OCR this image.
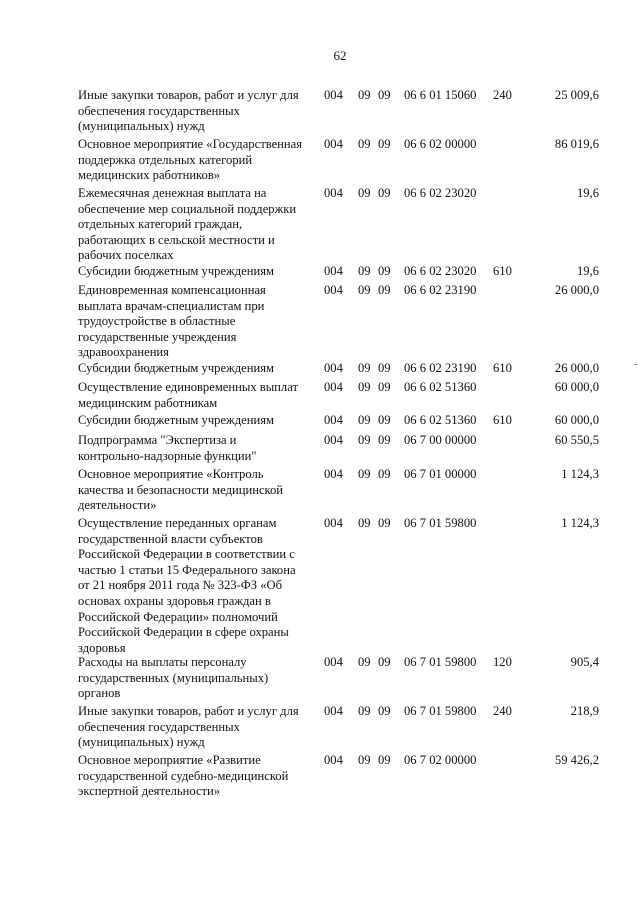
62
Иные закупки товаров, работ и услуг для
обеспечения государственных
(муниципальных) нужд
004 09 09 06 6 01 15060 240	25 009,6
Основное мероприятие «Государственная
поддержка отдельных категорий
медицинских работников»
004 09 09 06 6 02 00000	86 019,6
Ежемесячная денежная выплата на
обеспечение мер социальной поддержки
отдельных категорий граждан,
работающих в сельской местности и
рабочих поселках
004 09 09 06 6 02 23020	19,6
Субсидии бюджетным учреждениям	004 09 09 06 6 02 23020 610	19,6
Единовременная компенсационная
выплата врачам-специалистам при
трудоустройстве в областные
государственные учреждения
здравоохранения
004 09 09 06 6 02 23190	26 000,0
Субсидии бюджетным учреждениям	004 09 09 06 6 02 23190 610	26 000,0
Осуществление единовременных выплат
медицинским работникам
004 09 09 06 6 02 51360	60 000,0
Субсидии бюджетным учреждениям	004 09 09 06 6 02 51360 610	60 000,0
Подпрограмма "Экспертиза и
контрольно-надзорные функции"
004 09 09 06 7 00 00000	60 550,5
Основное мероприятие «Контроль
качества и безопасности медицинской
деятельности»
004 09 09 06 7 01 00000	1 124,3
Осуществление переданных органам
государственной власти субъектов
Российской Федерации в соответствии с
частью 1 статьи 15 Федерального закона
от 21 ноября 2011 года № 323-ФЗ «Об
основах охраны здоровья граждан в
Российской Федерации» полномочий
Российской Федерации в сфере охраны
здоровья
004 09 09 06 7 01 59800	1 124,3
Расходы на выплаты персоналу
государственных (муниципальных)
органов
004 09 09 06 7 01 59800 120	905,4
Иные закупки товаров, работ и услуг для
обеспечения государственных
(муниципальных) нужд
004 09 09 06 7 01 59800 240	218,9
Основное мероприятие «Развитие
государственной судебно-медицинской
экспертной деятельности»
004 09 09 06 7 02 00000	59 426,2
